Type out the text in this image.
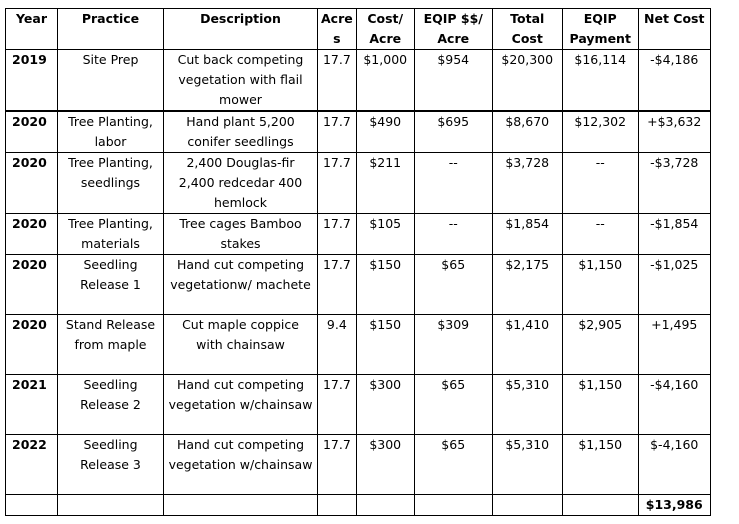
Year	Practice	Description	Acre s	Cost/ Acre	EQIP $$/ Acre	Total Cost	EQIP Payment	Net Cost
2019	Site Prep	Cut back competing vegetation with flail mower	17.7	$1,000	$954	$20,300	$16,114	-$4,186
2020	Tree Planting, labor	Hand plant 5,200 conifer seedlings	17.7	$490	$695	$8,670	$12,302	+$3,632
2020	Tree Planting, seedlings	2,400 Douglas-fir 2,400 redcedar 400 hemlock	17.7	$211	--	$3,728	--	-$3,728
2020	Tree Planting, materials	Tree cages Bamboo stakes	17.7	$105	--	$1,854	--	-$1,854
2020	Seedling Release 1	Hand cut competing vegetationw/ machete	17.7	$150	$65	$2,175	$1,150	-$1,025
2020	Stand Release from maple	Cut maple coppice with chainsaw	9.4	$150	$309	$1,410	$2,905	+1,495
2021	Seedling Release 2	Hand cut competing vegetation w/chainsaw	17.7	$300	$65	$5,310	$1,150	-$4,160
2022	Seedling Release 3	Hand cut competing vegetation w/chainsaw	17.7	$300	$65	$5,310	$1,150	$-4,160
								$13,986
